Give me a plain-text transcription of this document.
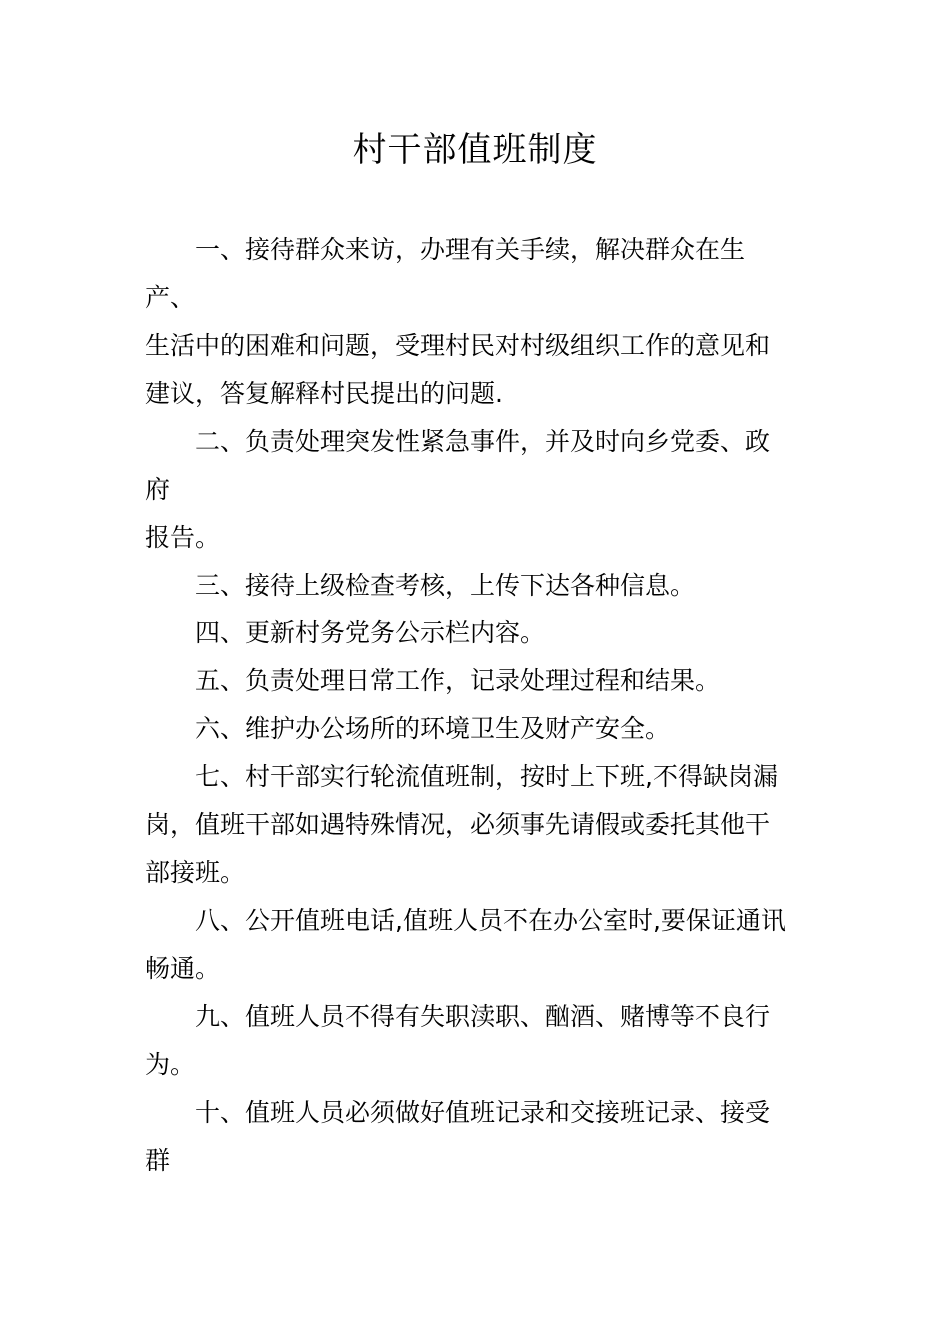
村干部值班制度
一、接待群众来访，办理有关手续，解决群众在生
产、
生活中的困难和问题，受理村民对村级组织工作的意见和
建议，答复解释村民提出的问题.
二、负责处理突发性紧急事件，并及时向乡党委、政
府
报告。
三、接待上级检查考核，上传下达各种信息。
四、更新村务党务公示栏内容。
五、负责处理日常工作，记录处理过程和结果。
六、维护办公场所的环境卫生及财产安全。
七、村干部实行轮流值班制，按时上下班,不得缺岗漏
岗，值班干部如遇特殊情况，必须事先请假或委托其他干
部接班。
八、公开值班电话,值班人员不在办公室时,要保证通讯
畅通。
九、值班人员不得有失职渎职、酗酒、赌博等不良行
为。
十、值班人员必须做好值班记录和交接班记录、接受
群
